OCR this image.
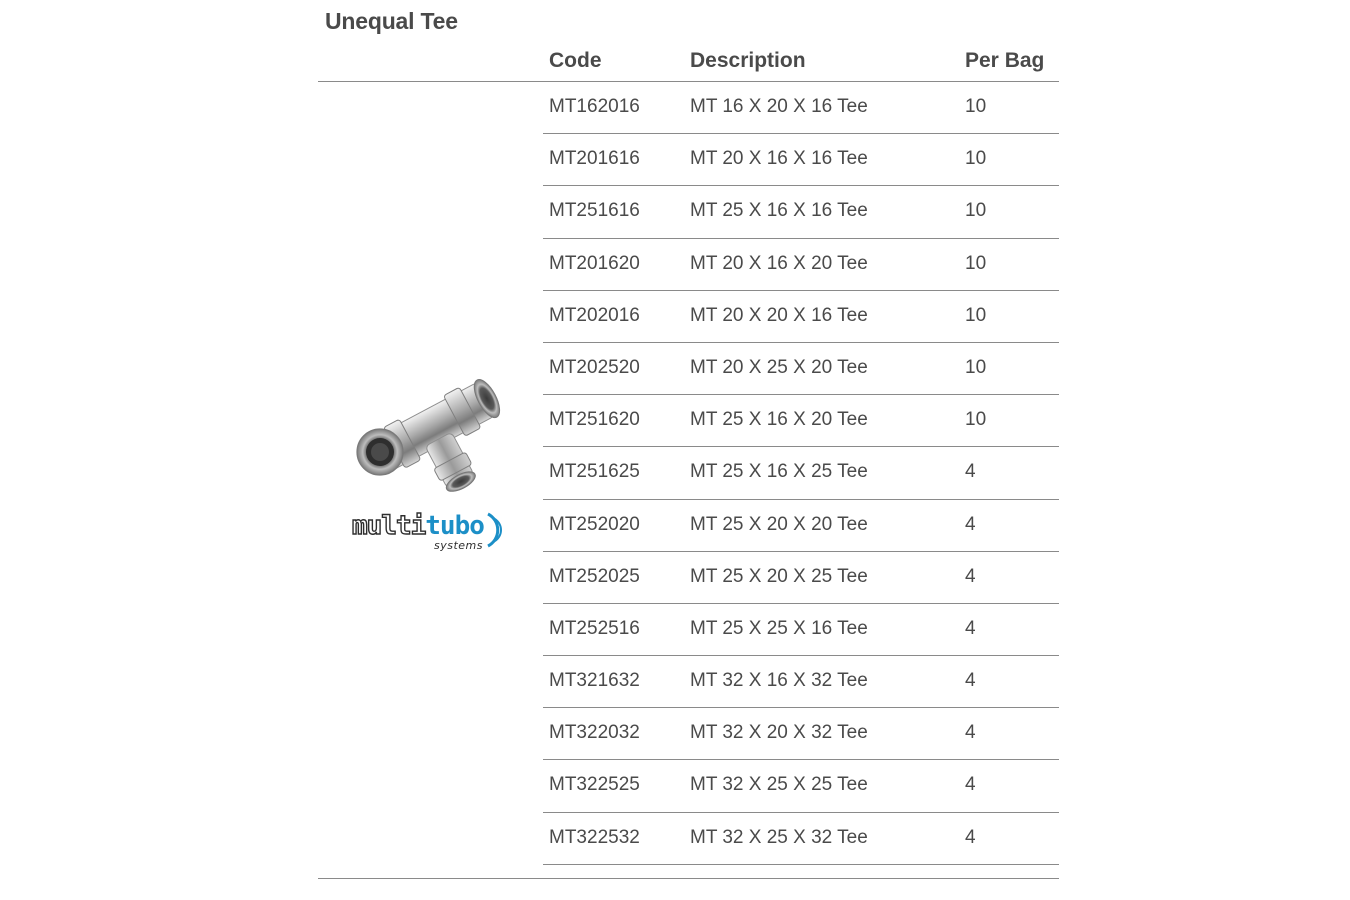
Unequal Tee
Code	Description	Per Bag
MT162016	MT 16 X 20 X 16 Tee	10
MT201616	MT 20 X 16 X 16 Tee	10
MT251616	MT 25 X 16 X 16 Tee	10
MT201620	MT 20 X 16 X 20 Tee	10
MT202016	MT 20 X 20 X 16 Tee	10
MT202520	MT 20 X 25 X 20 Tee	10
MT251620	MT 25 X 16 X 20 Tee	10
MT251625	MT 25 X 16 X 25 Tee	4
MT252020	MT 25 X 20 X 20 Tee	4
MT252025	MT 25 X 20 X 25 Tee	4
MT252516	MT 25 X 25 X 16 Tee	4
MT321632	MT 32 X 16 X 32 Tee	4
MT322032	MT 32 X 20 X 32 Tee	4
MT322525	MT 32 X 25 X 25 Tee	4
MT322532	MT 32 X 25 X 32 Tee	4
multitubo
systems
